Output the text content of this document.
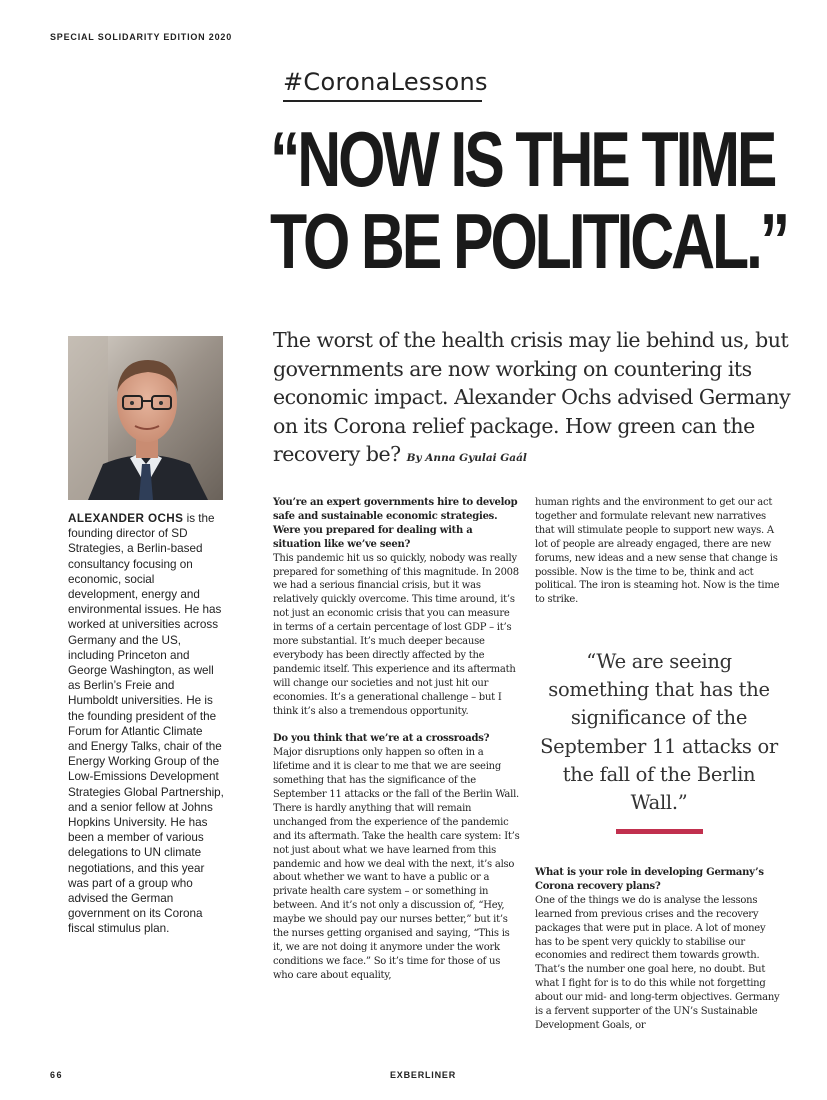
SPECIAL SOLIDARITY EDITION 2020
#CoronaLessons
“NOW IS THE TIME
TO BE POLITICAL.”

The worst of the health crisis may lie behind us, but governments are now working on countering its economic impact. Alexander Ochs advised Germany on its Corona relief package. How green can the recovery be? By Anna Gyulai Gaál

ALEXANDER OCHS is the founding director of SD Strategies, a Berlin-based consultancy focusing on economic, social development, energy and environmental issues. He has worked at universities across Germany and the US, including Princeton and George Washington, as well as Berlin’s Freie and Humboldt universities. He is the founding president of the Forum for Atlantic Climate and Energy Talks, chair of the Energy Working Group of the Low-Emissions Development Strategies Global Partnership, and a senior fellow at Johns Hopkins University. He has been a member of various delegations to UN climate negotiations, and this year was part of a group who advised the German government on its Corona fiscal stimulus plan.

You’re an expert governments hire to develop safe and sustainable economic strategies. Were you prepared for dealing with a situation like we’ve seen?
This pandemic hit us so quickly, nobody was really prepared for something of this magnitude. In 2008 we had a serious financial crisis, but it was relatively quickly overcome. This time around, it’s not just an economic crisis that you can measure in terms of a certain percentage of lost GDP – it’s more substantial. It’s much deeper because everybody has been directly affected by the pandemic itself. This experience and its aftermath will change our societies and not just hit our economies. It’s a generational challenge – but I think it’s also a tremendous opportunity.

Do you think that we’re at a crossroads?
Major disruptions only happen so often in a lifetime and it is clear to me that we are seeing something that has the significance of the September 11 attacks or the fall of the Berlin Wall. There is hardly anything that will remain unchanged from the experience of the pandemic and its aftermath. Take the health care system: It’s not just about what we have learned from this pandemic and how we deal with the next, it’s also about whether we want to have a public or a private health care system – or something in between. And it’s not only a discussion of, “Hey, maybe we should pay our nurses better,” but it’s the nurses getting organised and saying, “This is it, we are not doing it anymore under the work conditions we face.” So it’s time for those of us who care about equality,

human rights and the environment to get our act together and formulate relevant new narratives that will stimulate people to support new ways. A lot of people are already engaged, there are new forums, new ideas and a new sense that change is possible. Now is the time to be, think and act political. The iron is steaming hot. Now is the time to strike.

“We are seeing something that has the significance of the September 11 attacks or the fall of the Berlin Wall.”

What is your role in developing Germany’s Corona recovery plans?
One of the things we do is analyse the lessons learned from previous crises and the recovery packages that were put in place. A lot of money has to be spent very quickly to stabilise our economies and redirect them towards growth. That’s the number one goal here, no doubt. But what I fight for is to do this while not forgetting about our mid- and long-term objectives. Germany is a fervent supporter of the UN’s Sustainable Development Goals, or

66	EXBERLINER
